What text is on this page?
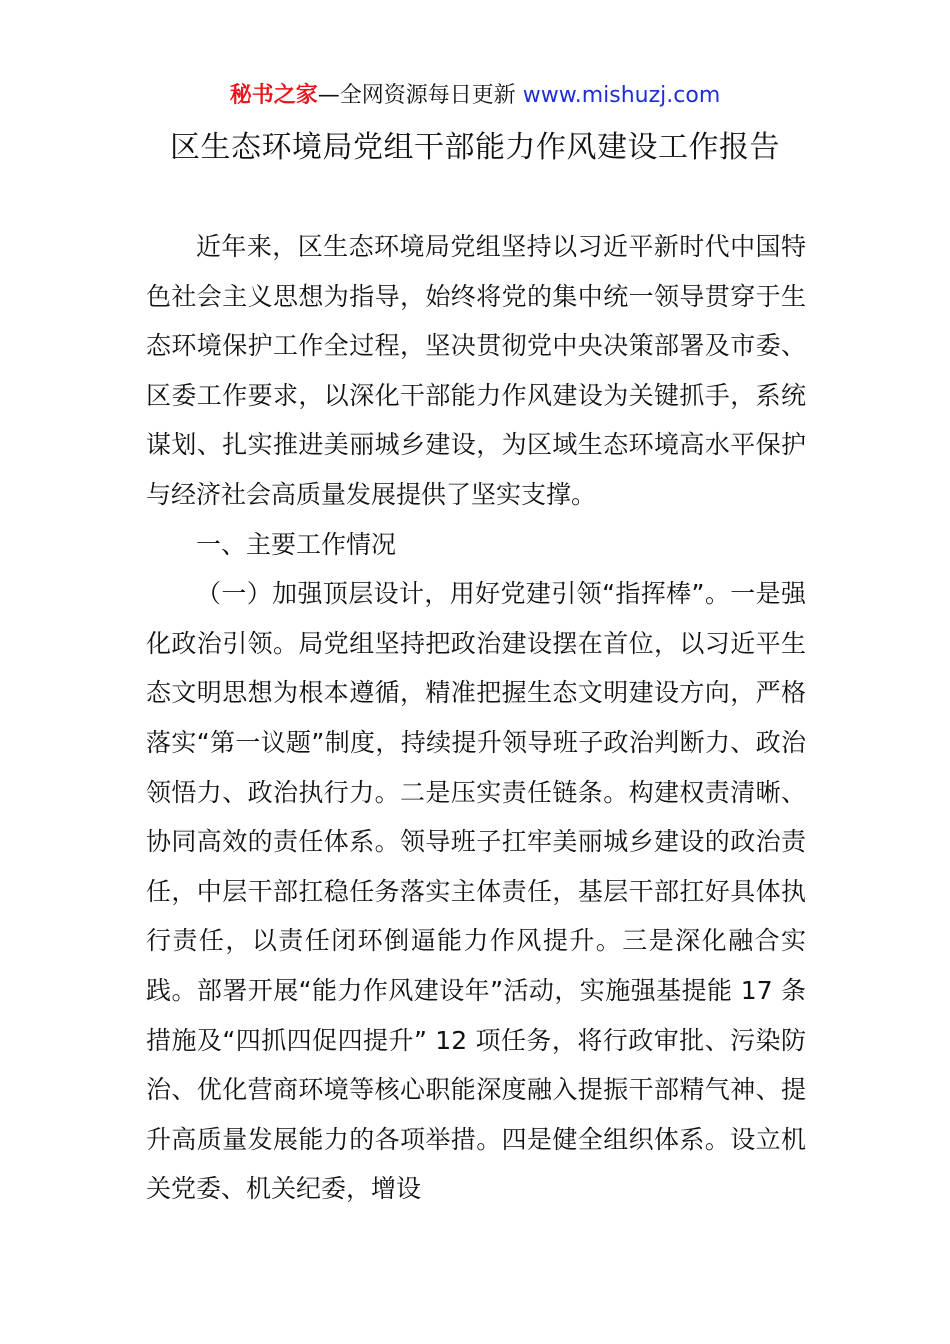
秘书之家—全网资源每日更新 www.mishuzj.com
区生态环境局党组干部能力作风建设工作报告

近年来，区生态环境局党组坚持以习近平新时代中国特色社会主义思想为指导，始终将党的集中统一领导贯穿于生态环境保护工作全过程，坚决贯彻党中央决策部署及市委、区委工作要求，以深化干部能力作风建设为关键抓手，系统谋划、扎实推进美丽城乡建设，为区域生态环境高水平保护与经济社会高质量发展提供了坚实支撑。

一、主要工作情况

（一）加强顶层设计，用好党建引领“指挥棒”。一是强化政治引领。局党组坚持把政治建设摆在首位，以习近平生态文明思想为根本遵循，精准把握生态文明建设方向，严格落实“第一议题”制度，持续提升领导班子政治判断力、政治领悟力、政治执行力。二是压实责任链条。构建权责清晰、协同高效的责任体系。领导班子扛牢美丽城乡建设的政治责任，中层干部扛稳任务落实主体责任，基层干部扛好具体执行责任，以责任闭环倒逼能力作风提升。三是深化融合实践。部署开展“能力作风建设年”活动，实施强基提能 17 条措施及“四抓四促四提升” 12 项任务，将行政审批、污染防治、优化营商环境等核心职能深度融入提振干部精气神、提升高质量发展能力的各项举措。四是健全组织体系。设立机关党委、机关纪委，增设
